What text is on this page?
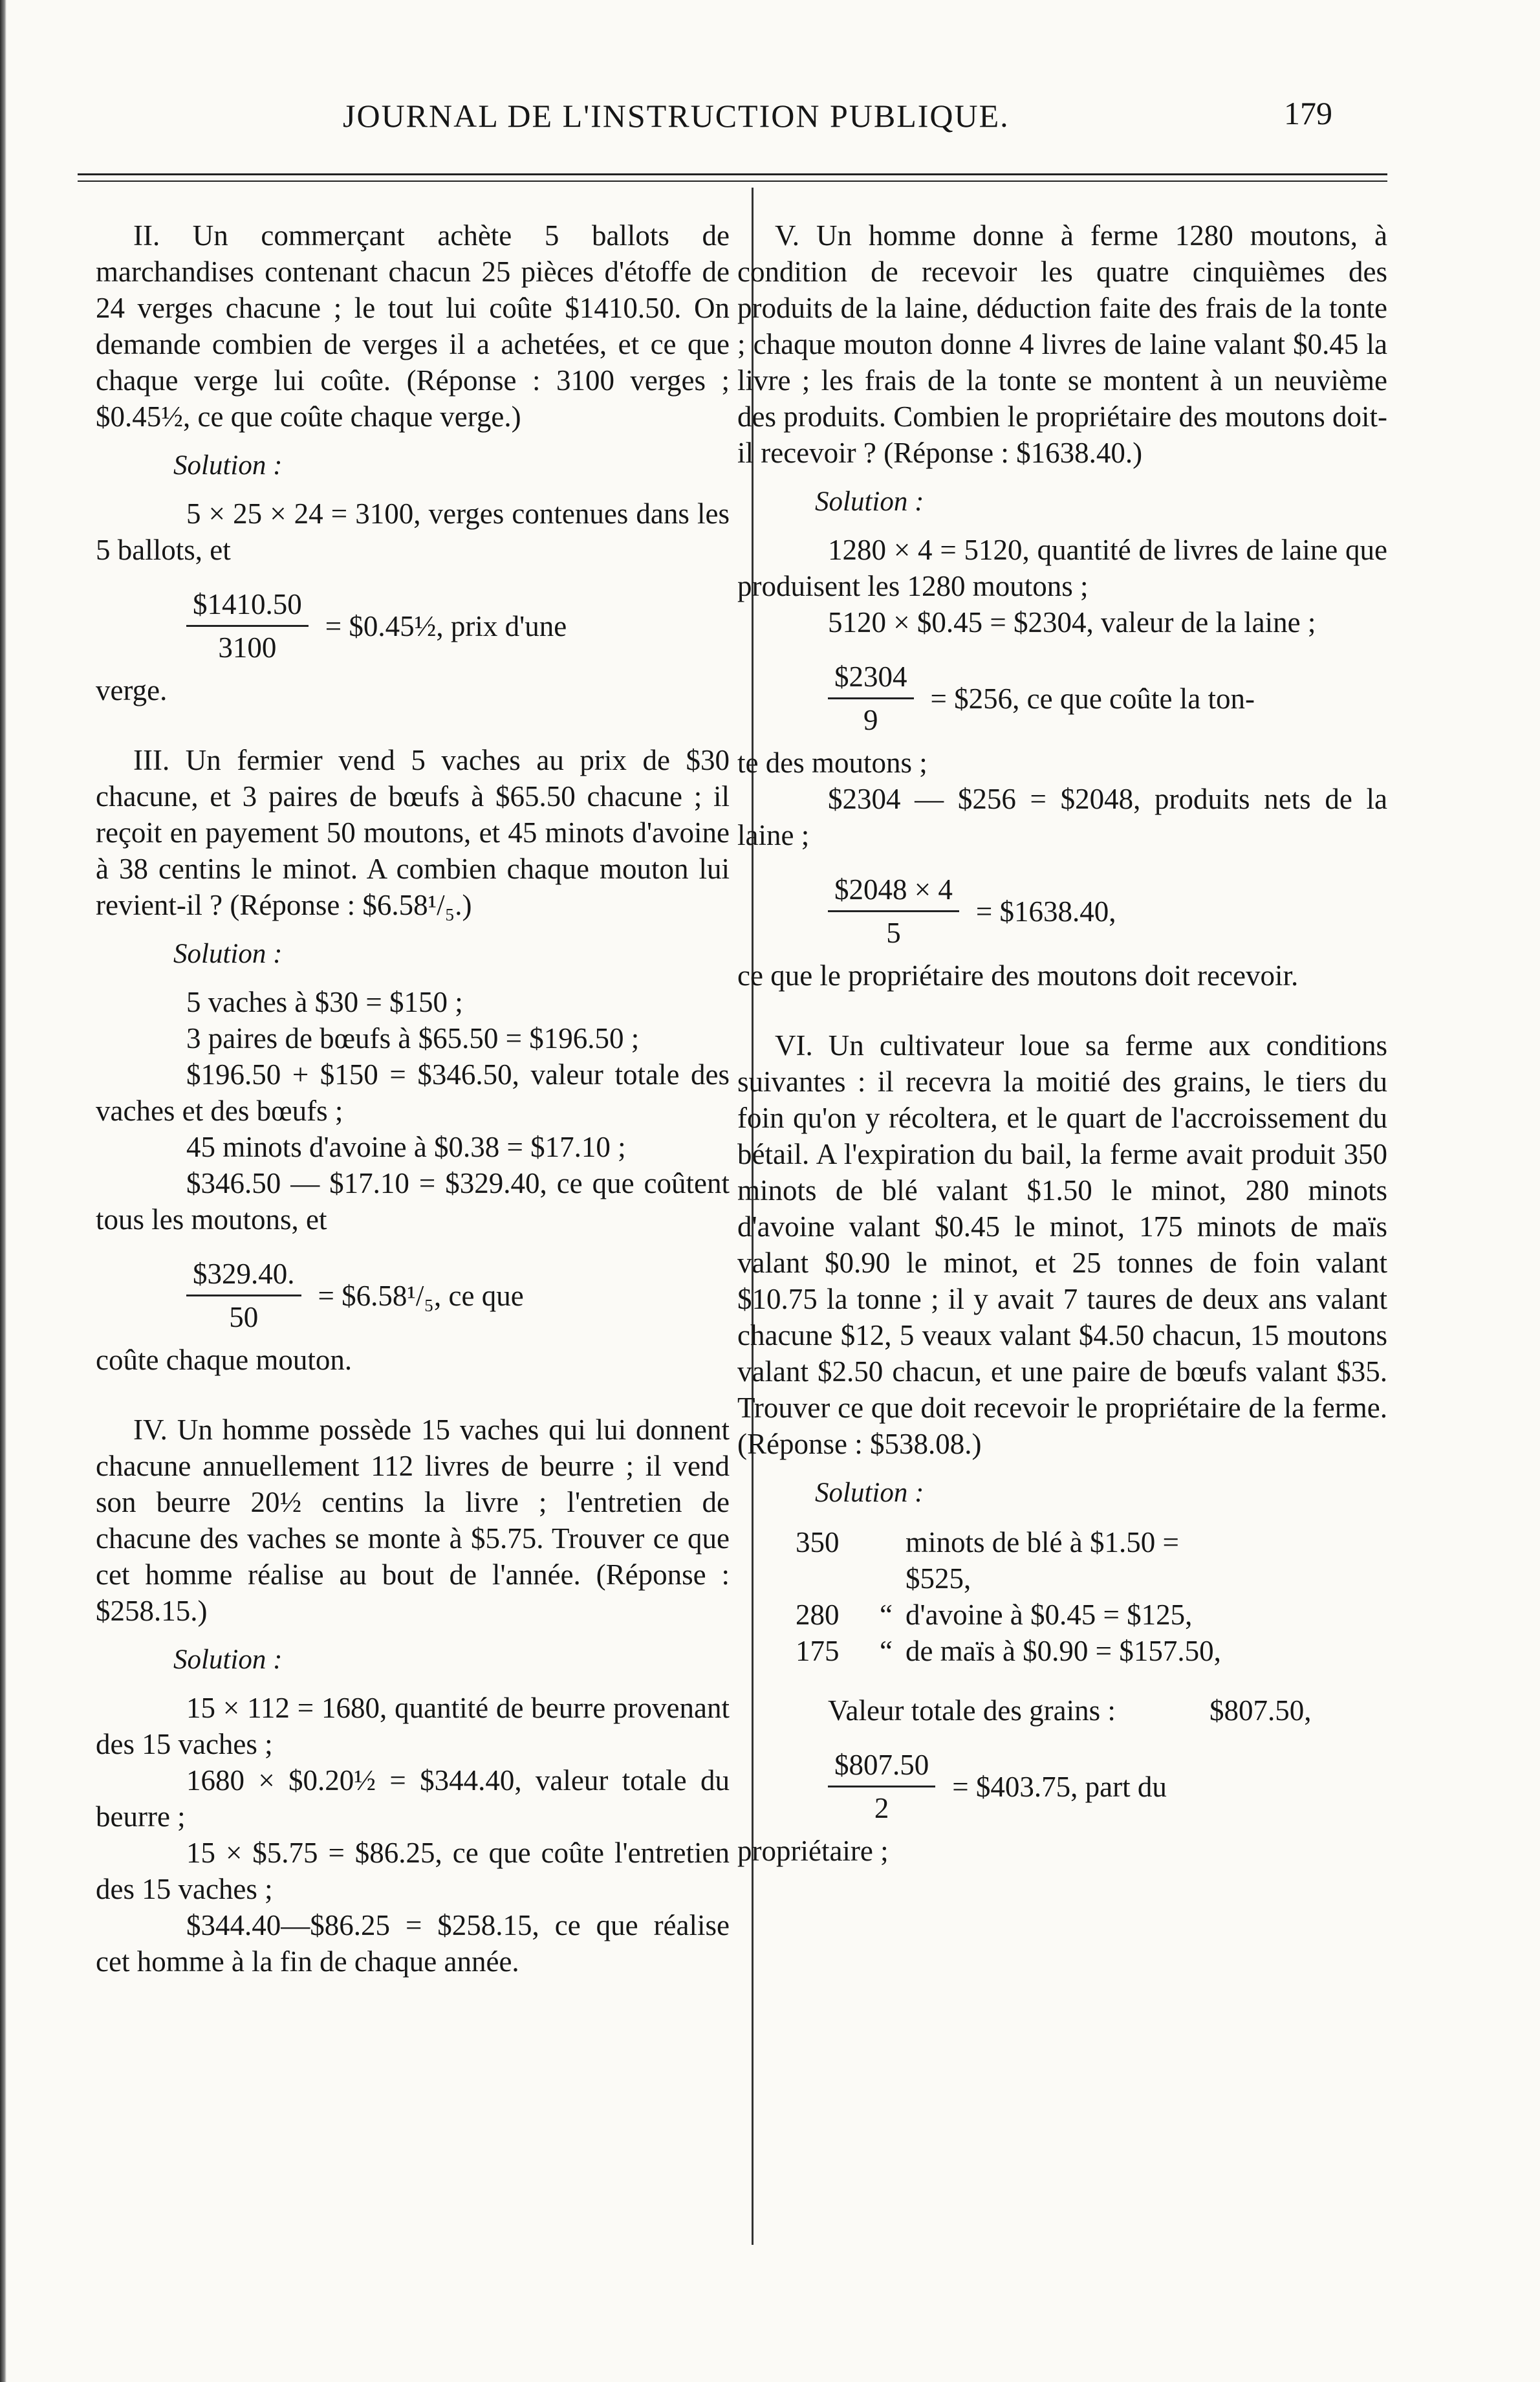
JOURNAL DE L'INSTRUCTION PUBLIQUE.	179
II. Un commerçant achète 5 ballots de marchandises contenant chacun 25 pièces d'étoffe de 24 verges chacune ; le tout lui coûte $1410.50. On demande combien de verges il a achetées, et ce que chaque verge lui coûte. (Réponse : 3100 verges ; $0.45½, ce que coûte chaque verge.)
Solution :
5 × 25 × 24 = 3100, verges contenues dans les 5 ballots, et
$\frac{\$1410.50}{3100}$ = $0.45½, prix d'une
verge.
III. Un fermier vend 5 vaches au prix de $30 chacune, et 3 paires de bœufs à $65.50 chacune ; il reçoit en payement 50 moutons, et 45 minots d'avoine à 38 centins le minot. A combien chaque mouton lui revient-il ? (Réponse : $6.58¹/₅.)
Solution :
5 vaches à $30 = $150 ;
3 paires de bœufs à $65.50 = $196.50 ;
$196.50 + $150 = $346.50, valeur totale des vaches et des bœufs ;
45 minots d'avoine à $0.38 = $17.10 ;
$346.50 — $17.10 = $329.40, ce que coûtent tous les moutons, et
$\frac{\$329.40.}{50}$ = $6.58¹/₅, ce que
coûte chaque mouton.
IV. Un homme possède 15 vaches qui lui donnent chacune annuellement 112 livres de beurre ; il vend son beurre 20½ centins la livre ; l'entretien de chacune des vaches se monte à $5.75. Trouver ce que cet homme réalise au bout de l'année. (Réponse : $258.15.)
Solution :
15 × 112 = 1680, quantité de beurre provenant des 15 vaches ;
1680 × $0.20½ = $344.40, valeur totale du beurre ;
15 × $5.75 = $86.25, ce que coûte l'entretien des 15 vaches ;
$344.40—$86.25 = $258.15, ce que réalise cet homme à la fin de chaque année.
V. Un homme donne à ferme 1280 moutons, à condition de recevoir les quatre cinquièmes des produits de la laine, déduction faite des frais de la tonte ; chaque mouton donne 4 livres de laine valant $0.45 la livre ; les frais de la tonte se montent à un neuvième des produits. Combien le propriétaire des moutons doit-il recevoir ? (Réponse : $1638.40.)
Solution :
1280 × 4 = 5120, quantité de livres de laine que produisent les 1280 moutons ;
5120 × $0.45 = $2304, valeur de la laine ;
$\frac{\$2304}{9}$ = $256, ce que coûte la ton-
te des moutons ;
$2304 — $256 = $2048, produits nets de la laine ;
$\frac{\$2048 \times 4}{5}$ = $1638.40,
ce que le propriétaire des moutons doit recevoir.
VI. Un cultivateur loue sa ferme aux conditions suivantes : il recevra la moitié des grains, le tiers du foin qu'on y récoltera, et le quart de l'accroissement du bétail. A l'expiration du bail, la ferme avait produit 350 minots de blé valant $1.50 le minot, 280 minots d'avoine valant $0.45 le minot, 175 minots de maïs valant $0.90 le minot, et 25 tonnes de foin valant $10.75 la tonne ; il y avait 7 taures de deux ans valant chacune $12, 5 veaux valant $4.50 chacun, 15 moutons valant $2.50 chacun, et une paire de bœufs valant $35. Trouver ce que doit recevoir le propriétaire de la ferme. (Réponse : $538.08.)
Solution :
350	minots de blé à $1.50 = $525,
280	“ d'avoine à $0.45 = $125,
175	“ de maïs à $0.90 = $157.50,
Valeur totale des grains :	$807.50,
$\frac{\$807.50}{2}$ = $403.75, part du
propriétaire ;
